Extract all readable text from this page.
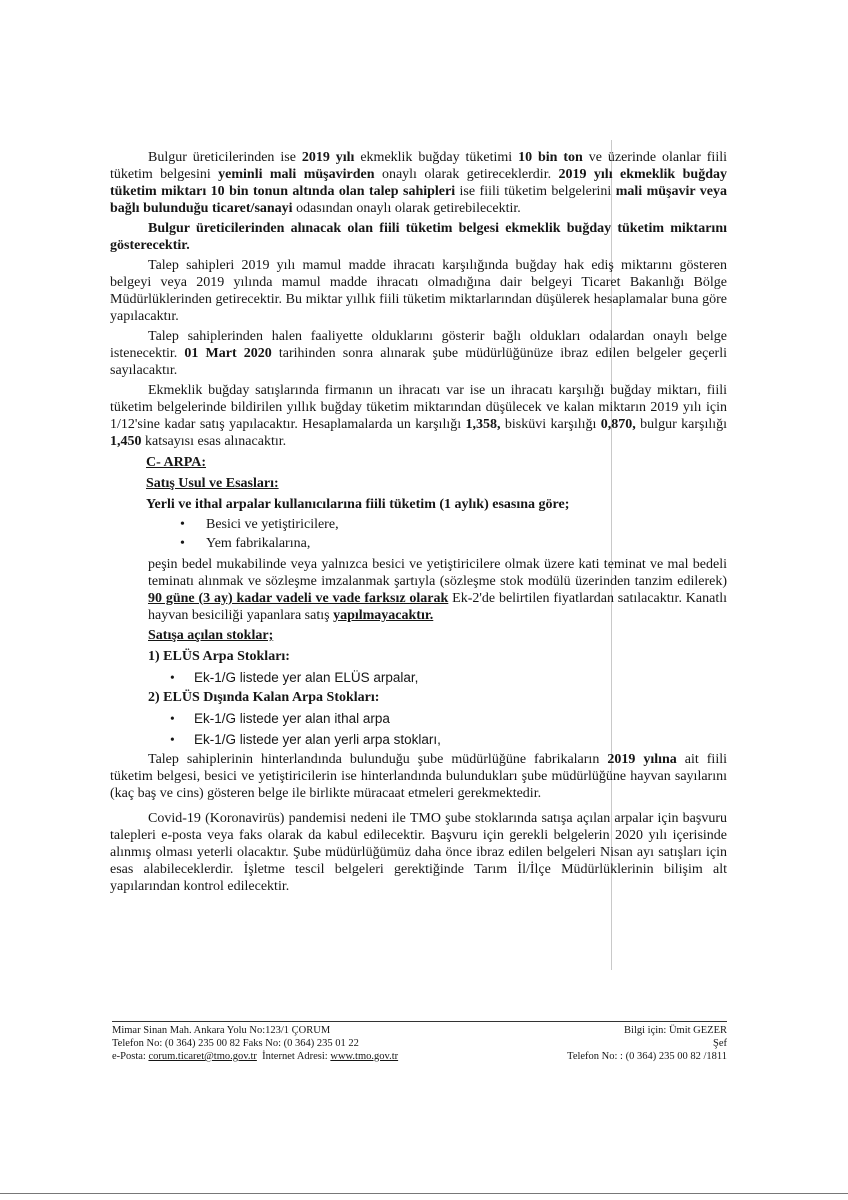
Bulgur üreticilerinden ise 2019 yılı ekmeklik buğday tüketimi 10 bin ton ve üzerinde olanlar fiili tüketim belgesini yeminli mali müşavirden onaylı olarak getireceklerdir. 2019 yılı ekmeklik buğday tüketim miktarı 10 bin tonun altında olan talep sahipleri ise fiili tüketim belgelerini mali müşavir veya bağlı bulunduğu ticaret/sanayi odasından onaylı olarak getirebilecektir.

Bulgur üreticilerinden alınacak olan fiili tüketim belgesi ekmeklik buğday tüketim miktarını gösterecektir.

Talep sahipleri 2019 yılı mamul madde ihracatı karşılığında buğday hak ediş miktarını gösteren belgeyi veya 2019 yılında mamul madde ihracatı olmadığına dair belgeyi Ticaret Bakanlığı Bölge Müdürlüklerinden getirecektir. Bu miktar yıllık fiili tüketim miktarlarından düşülerek hesaplamalar buna göre yapılacaktır.

Talep sahiplerinden halen faaliyette olduklarını gösterir bağlı oldukları odalardan onaylı belge istenecektir. 01 Mart 2020 tarihinden sonra alınarak şube müdürlüğünüze ibraz edilen belgeler geçerli sayılacaktır.

Ekmeklik buğday satışlarında firmanın un ihracatı var ise un ihracatı karşılığı buğday miktarı, fiili tüketim belgelerinde bildirilen yıllık buğday tüketim miktarından düşülecek ve kalan miktarın 2019 yılı için 1/12'sine kadar satış yapılacaktır. Hesaplamalarda un karşılığı 1,358, bisküvi karşılığı 0,870, bulgur karşılığı 1,450 katsayısı esas alınacaktır.

C- ARPA:

Satış Usul ve Esasları:

Yerli ve ithal arpalar kullanıcılarına fiili tüketim (1 aylık) esasına göre;

• Besici ve yetiştiricilere,
• Yem fabrikalarına,

peşin bedel mukabilinde veya yalnızca besici ve yetiştiricilere olmak üzere kati teminat ve mal bedeli teminatı alınmak ve sözleşme imzalanmak şartıyla (sözleşme stok modülü üzerinden tanzim edilerek) 90 güne (3 ay) kadar vadeli ve vade farksız olarak Ek-2'de belirtilen fiyatlardan satılacaktır. Kanatlı hayvan besiciliği yapanlara satış yapılmayacaktır.

Satışa açılan stoklar;

1) ELÜS Arpa Stokları:

• Ek-1/G listede yer alan ELÜS arpalar,

2) ELÜS Dışında Kalan Arpa Stokları:

• Ek-1/G listede yer alan ithal arpa
• Ek-1/G listede yer alan yerli arpa stokları,

Talep sahiplerinin hinterlandında bulunduğu şube müdürlüğüne fabrikaların 2019 yılına ait fiili tüketim belgesi, besici ve yetiştiricilerin ise hinterlandında bulundukları şube müdürlüğüne hayvan sayılarını (kaç baş ve cins) gösteren belge ile birlikte müracaat etmeleri gerekmektedir.

Covid-19 (Koronavirüs) pandemisi nedeni ile TMO şube stoklarında satışa açılan arpalar için başvuru talepleri e-posta veya faks olarak da kabul edilecektir. Başvuru için gerekli belgelerin 2020 yılı içerisinde alınmış olması yeterli olacaktır. Şube müdürlüğümüz daha önce ibraz edilen belgeleri Nisan ayı satışları için esas alabileceklerdir. İşletme tescil belgeleri gerektiğinde Tarım İl/İlçe Müdürlüklerinin bilişim alt yapılarından kontrol edilecektir.

Mimar Sinan Mah. Ankara Yolu No:123/1 ÇORUM
Telefon No: (0 364) 235 00 82 Faks No: (0 364) 235 01 22
e-Posta: corum.ticaret@tmo.gov.tr  İnternet Adresi: www.tmo.gov.tr
Bilgi için: Ümit GEZER
Şef
Telefon No: : (0 364) 235 00 82 /1811
